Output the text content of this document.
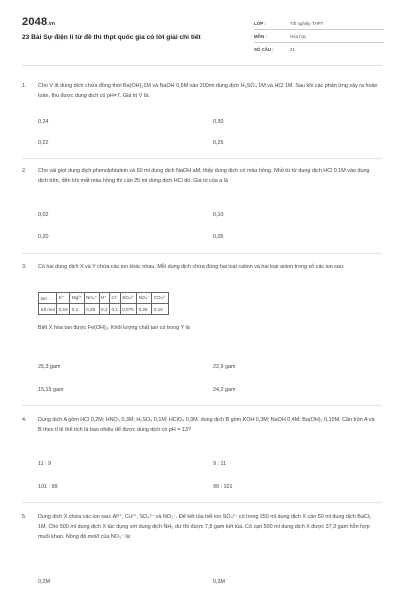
2048.vn
23 Bài Sự điện li từ đề thi thpt quốc gia có lời giải chi tiết
LỚP :	Tốt nghiệp THPT
MÔN :	Hóa học
SỐ CÂU :	21
1. Cho V lít dung dịch chứa đồng thời Ba(OH)₂1M và NaOH 0,5M vào 200ml dung dịch H₂SO₄ 1M và HCl 1M. Sau khi các phản ứng xảy ra hoàn toàn, thu được dung dịch có pH=7. Giá trị V là:
0,24	0,30
0,22	0,25
2. Cho vài giọt dung dịch phenolphtalein và 50 ml dung dịch NaOH aM, thấy dung dịch có màu hồng. Nhỏ từ từ dung dịch HCl 0,1M vào dung dịch trên, đến khi mất màu hồng thì cần 25 ml dung dịch HCl đó. Giá trị của a là
0,02	0,10
0,20	0,05
3. Có hai dung dịch X và Y chứa các ion khác nhau. Mỗi dung dịch chứa đúng hai loại cation và hai loại anion trong số các ion sau:
Ion	K⁺	Mg²⁺	NH₄⁺	H⁺	Cl⁻	SO₄²⁻	NO₃⁻	CO₃²⁻
Số mol	0,15	0,1	0,25	0,2	0,1	0,075	0,25	0,15
Biết X hòa tan được Fe(OH)₃. Khối lượng chất tan có trong Y là
25,3 gam	22,9 gam
15,15 gam	24,2 gam
4. Dung dịch A gồm HCl 0,2M; HNO₃ 0,3M; H₂SO₄ 0,1M; HClO₄ 0,3M, dung dịch B gồm KOH 0,3M; NaOH 0,4M; Ba(OH)₂ 0,15M. Cần trộn A và B theo tỉ lệ thể tích là bao nhiêu để được dung dịch có pH = 13?
11 : 9	9 : 11
101 : 99	99 : 101
5. Dung dịch X chứa các ion sau: Al³⁺, Cu²⁺, SO₄²⁻ và NO₃⁻. Để kết tủa hết ion SO₄²⁻ có trong 250 ml dung dịch X cần 50 ml dung dịch BaCl₂ 1M. Cho 500 ml dung dịch X tác dụng với dung dịch NH₃ dư thì được 7,8 gam kết tủa. Cô cạn 500 ml dung dịch X được 37,3 gam hỗn hợp muối khan. Nồng độ mol/l của NO₃⁻ là:
0,2M	0,3M
